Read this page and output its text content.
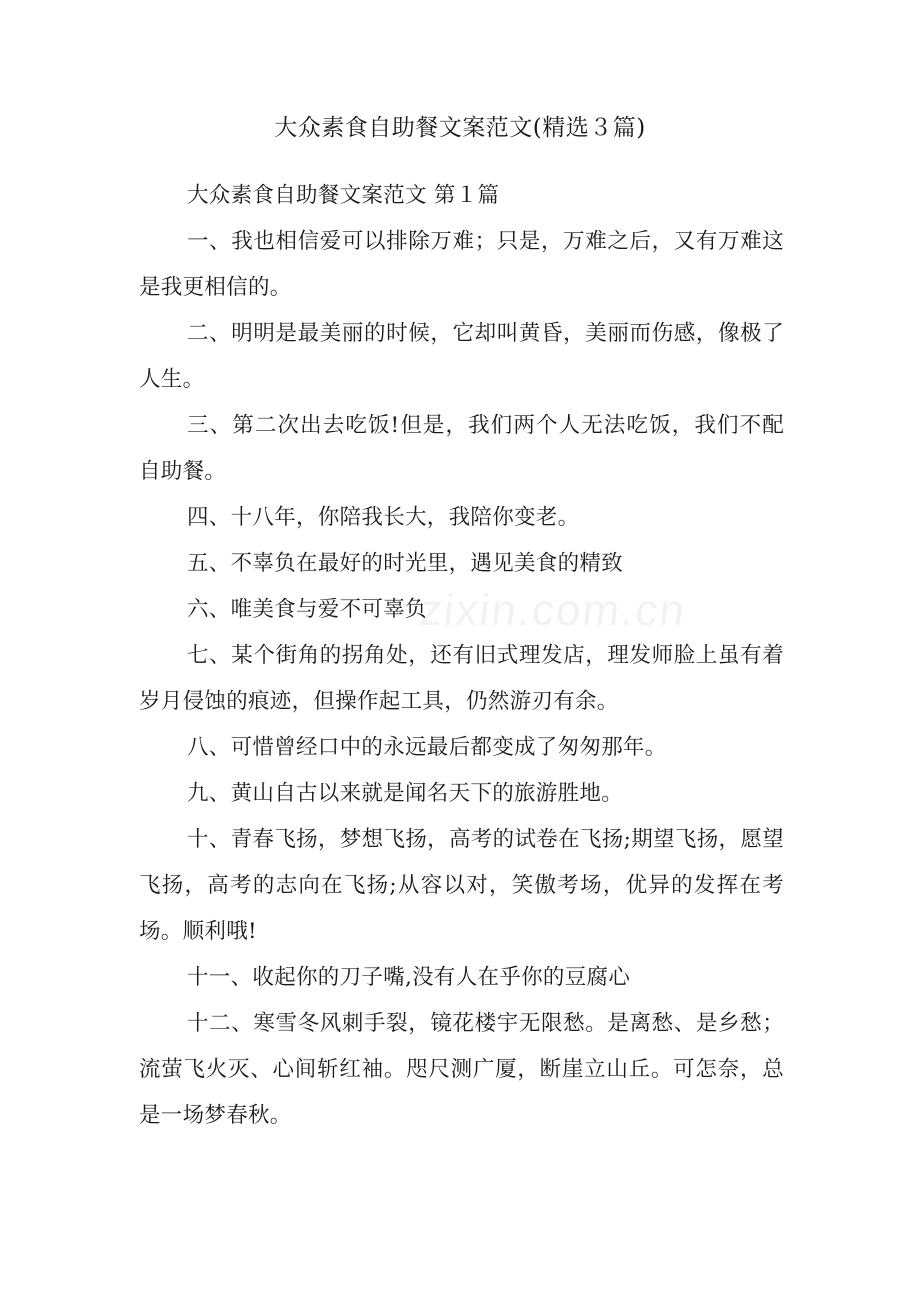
大众素食自助餐文案范文(精选３篇)

大众素食自助餐文案范文 第１篇

一、我也相信爱可以排除万难；只是，万难之后，又有万难这是我更相信的。

二、明明是最美丽的时候，它却叫黄昏，美丽而伤感，像极了人生。

三、第二次出去吃饭!但是，我们两个人无法吃饭，我们不配自助餐。

四、十八年，你陪我长大，我陪你变老。

五、不辜负在最好的时光里，遇见美食的精致

六、唯美食与爱不可辜负

七、某个街角的拐角处，还有旧式理发店，理发师脸上虽有着岁月侵蚀的痕迹，但操作起工具，仍然游刃有余。

八、可惜曾经口中的永远最后都变成了匆匆那年。

九、黄山自古以来就是闻名天下的旅游胜地。

十、青春飞扬，梦想飞扬，高考的试卷在飞扬;期望飞扬，愿望飞扬，高考的志向在飞扬;从容以对，笑傲考场，优异的发挥在考场。顺利哦!

十一、收起你的刀子嘴,没有人在乎你的豆腐心

十二、寒雪冬风刺手裂，镜花楼宇无限愁。是离愁、是乡愁；流萤飞火灭、心间斩红袖。咫尺测广厦，断崖立山丘。可怎奈，总是一场梦春秋。

zixin.com.cn
